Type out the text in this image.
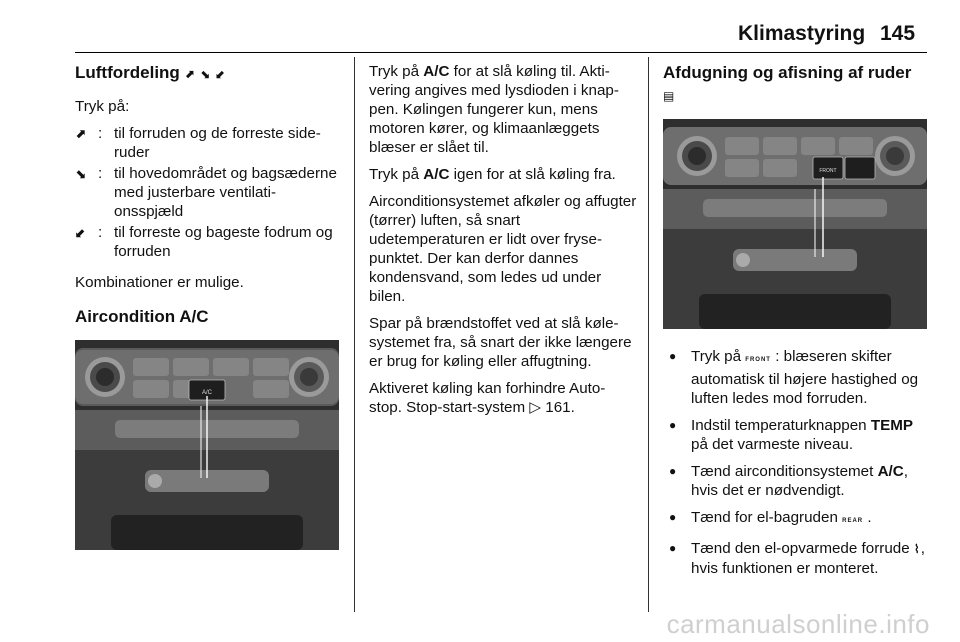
Klimastyring 145
Luftfordeling ⬈ ⬊ ⬋

Tryk på:

⬈ : til forruden og de forreste sideruder
⬊ : til hovedområdet og bagsæderne med justerbare ventilationsspjæld
⬋ : til forreste og bageste fodrum og forruden

Kombinationer er mulige.

Aircondition A/C
A/C

Tryk på A/C for at slå køling til. Aktivering angives med lysdioden i knappen. Kølingen fungerer kun, mens motoren kører, og klimaanlæggets blæser er slået til.

Tryk på A/C igen for at slå køling fra.

Airconditionsystemet afkøler og affugter (tørrer) luften, så snart udetemperaturen er lidt over frysepunktet. Der kan derfor dannes kondensvand, som ledes ud under bilen.

Spar på brændstoffet ved at slå kølesystemet fra, så snart der ikke længere er brug for køling eller affugtning.

Aktiveret køling kan forhindre Auto-stop. Stop-start-system ▷ 161.

Afdugning og afisning af ruder ▤
FRONT
● Tryk på FRONT : blæseren skifter automatisk til højere hastighed og luften ledes mod forruden.
● Indstil temperaturknappen TEMP på det varmeste niveau.
● Tænd airconditionsystemet A/C, hvis det er nødvendigt.
● Tænd for el-bagruden REAR .
● Tænd den el-opvarmede forrude ⌇, hvis funktionen er monteret.
carmanualsonline.info
